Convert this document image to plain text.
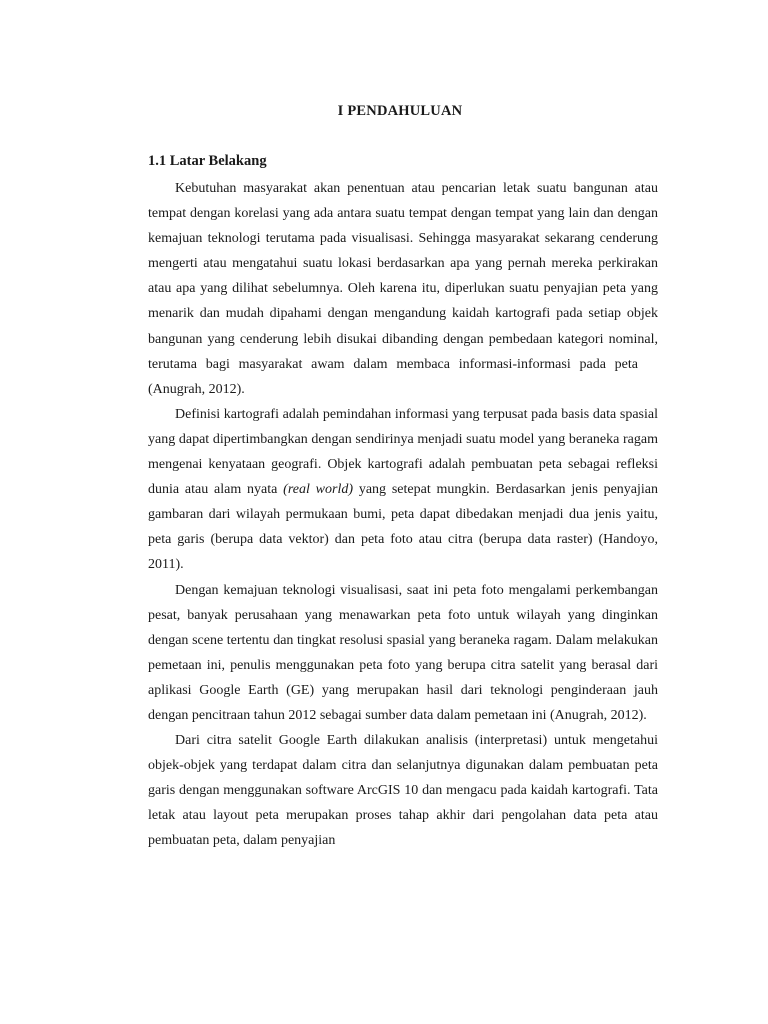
I PENDAHULUAN
1.1 Latar Belakang

Kebutuhan masyarakat akan penentuan atau pencarian letak suatu bangunan atau tempat dengan korelasi yang ada antara suatu tempat dengan tempat yang lain dan dengan kemajuan teknologi terutama pada visualisasi. Sehingga masyarakat sekarang cenderung mengerti atau mengatahui suatu lokasi berdasarkan apa yang pernah mereka perkirakan atau apa yang dilihat sebelumnya. Oleh karena itu, diperlukan suatu penyajian peta yang menarik dan mudah dipahami dengan mengandung kaidah kartografi pada setiap objek bangunan yang cenderung lebih disukai dibanding dengan pembedaan kategori nominal, terutama bagi masyarakat awam dalam membaca informasi-informasi pada peta(Anugrah, 2012).

Definisi kartografi adalah pemindahan informasi yang terpusat pada basis data spasial yang dapat dipertimbangkan dengan sendirinya menjadi suatu model yang beraneka ragam mengenai kenyataan geografi. Objek kartografi adalah pembuatan peta sebagai refleksi dunia atau alam nyata (real world) yang setepat mungkin. Berdasarkan jenis penyajian gambaran dari wilayah permukaan bumi, peta dapat dibedakan menjadi dua jenis yaitu, peta garis (berupa data vektor) dan peta foto atau citra (berupa data raster) (Handoyo, 2011).

Dengan kemajuan teknologi visualisasi, saat ini peta foto mengalami perkembangan pesat, banyak perusahaan yang menawarkan peta foto untuk wilayah yang dinginkan dengan scene tertentu dan tingkat resolusi spasial yang beraneka ragam. Dalam melakukan pemetaan ini, penulis menggunakan peta foto yang berupa citra satelit yang berasal dari aplikasi Google Earth (GE) yang merupakan hasil dari teknologi penginderaan jauh dengan pencitraan tahun 2012 sebagai sumber data dalam pemetaan ini (Anugrah, 2012).

Dari citra satelit Google Earth dilakukan analisis (interpretasi) untuk mengetahui objek-objek yang terdapat dalam citra dan selanjutnya digunakan dalam pembuatan peta garis dengan menggunakan software ArcGIS 10 dan mengacu pada kaidah kartografi. Tata letak atau layout peta merupakan proses tahap akhir dari pengolahan data peta atau pembuatan peta, dalam penyajian
